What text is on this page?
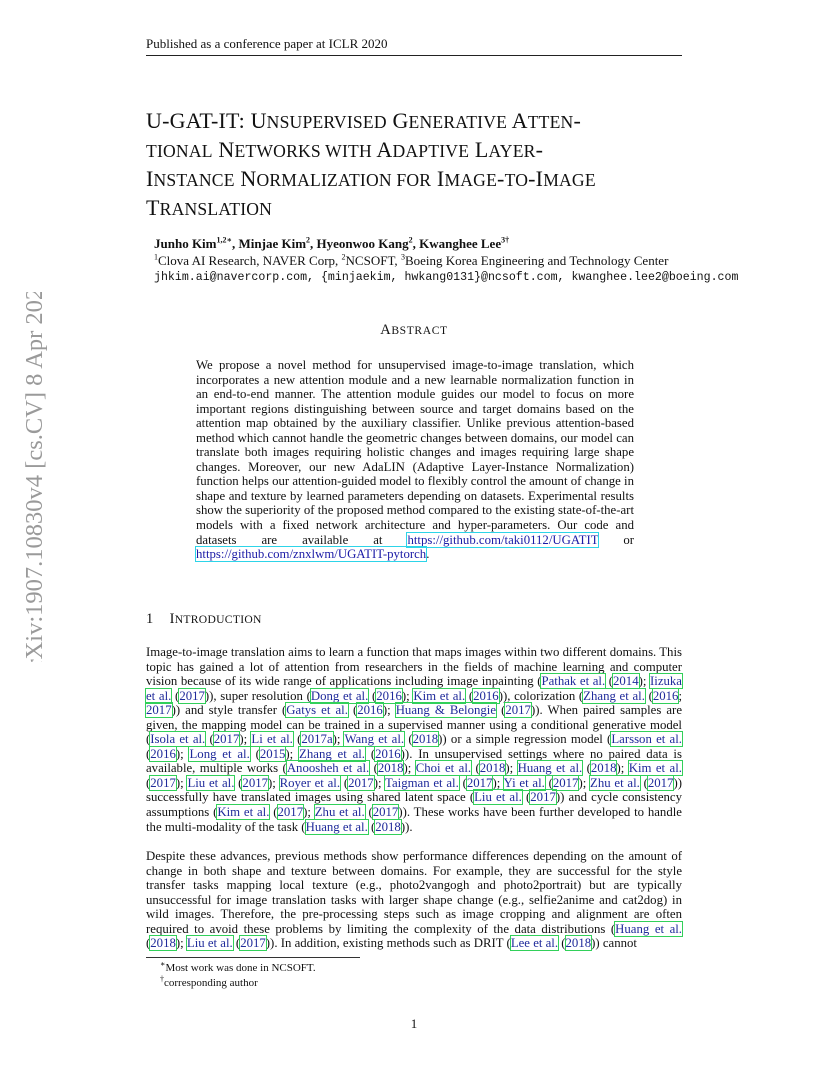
Published as a conference paper at ICLR 2020
U-GAT-IT: UNSUPERVISED GENERATIVE ATTEN-
TIONAL NETWORKS WITH ADAPTIVE LAYER-
INSTANCE NORMALIZATION FOR IMAGE-TO-IMAGE
TRANSLATION
Junho Kim$^{1,2∗}$, Minjae Kim$^2$, Hyeonwoo Kang$^2$, Kwanghee Lee$^{3\dagger}$
$^1$Clova AI Research, NAVER Corp, $^2$NCSOFT, $^3$Boeing Korea Engineering and Technology Center
jhkim.ai@navercorp.com, {minjaekim, hwkang0131}@ncsoft.com, kwanghee.lee2@boeing.com
arXiv:1907.10830v4 [cs.CV] 8 Apr 2020	ABSTRACT
We propose a novel method for unsupervised image-to-image translation, which incorporates a new attention module and a new learnable normalization function in an end-to-end manner. The attention module guides our model to focus on more important regions distinguishing between source and target domains based on the attention map obtained by the auxiliary classifier. Unlike previous attention-based method which cannot handle the geometric changes between domains, our model can translate both images requiring holistic changes and images requiring large shape changes. Moreover, our new AdaLIN (Adaptive Layer-Instance Normalization) function helps our attention-guided model to flexibly control the amount of change in shape and texture by learned parameters depending on datasets. Experimental results show the superiority of the proposed method compared to the existing state-of-the-art models with a fixed network architecture and hyper-parameters. Our code and datasets are available at https://github.com/taki0112/UGATIT or https://github.com/znxlwm/UGATIT-pytorch.
1 INTRODUCTION
Image-to-image translation aims to learn a function that maps images within two different domains. This topic has gained a lot of attention from researchers in the fields of machine learning and computer vision because of its wide range of applications including image inpainting (Pathak et al. (2014); Iizuka et al. (2017)), super resolution (Dong et al. (2016); Kim et al. (2016)), colorization (Zhang et al. (2016; 2017)) and style transfer (Gatys et al. (2016); Huang & Belongie (2017)). When paired samples are given, the mapping model can be trained in a supervised manner using a conditional generative model (Isola et al. (2017); Li et al. (2017a); Wang et al. (2018)) or a simple regression model (Larsson et al. (2016); Long et al. (2015); Zhang et al. (2016)). In unsupervised settings where no paired data is available, multiple works (Anoosheh et al. (2018); Choi et al. (2018); Huang et al. (2018); Kim et al. (2017); Liu et al. (2017); Royer et al. (2017); Taigman et al. (2017); Yi et al. (2017); Zhu et al. (2017)) successfully have translated images using shared latent space (Liu et al. (2017)) and cycle consistency assumptions (Kim et al. (2017); Zhu et al. (2017)). These works have been further developed to handle the multi-modality of the task (Huang et al. (2018)).
Despite these advances, previous methods show performance differences depending on the amount of change in both shape and texture between domains. For example, they are successful for the style transfer tasks mapping local texture (e.g., photo2vangogh and photo2portrait) but are typically unsuccessful for image translation tasks with larger shape change (e.g., selfie2anime and cat2dog) in wild images. Therefore, the pre-processing steps such as image cropping and alignment are often required to avoid these problems by limiting the complexity of the data distributions (Huang et al. (2018); Liu et al. (2017)). In addition, existing methods such as DRIT (Lee et al. (2018)) cannot
∗Most work was done in NCSOFT.
†corresponding author
1
